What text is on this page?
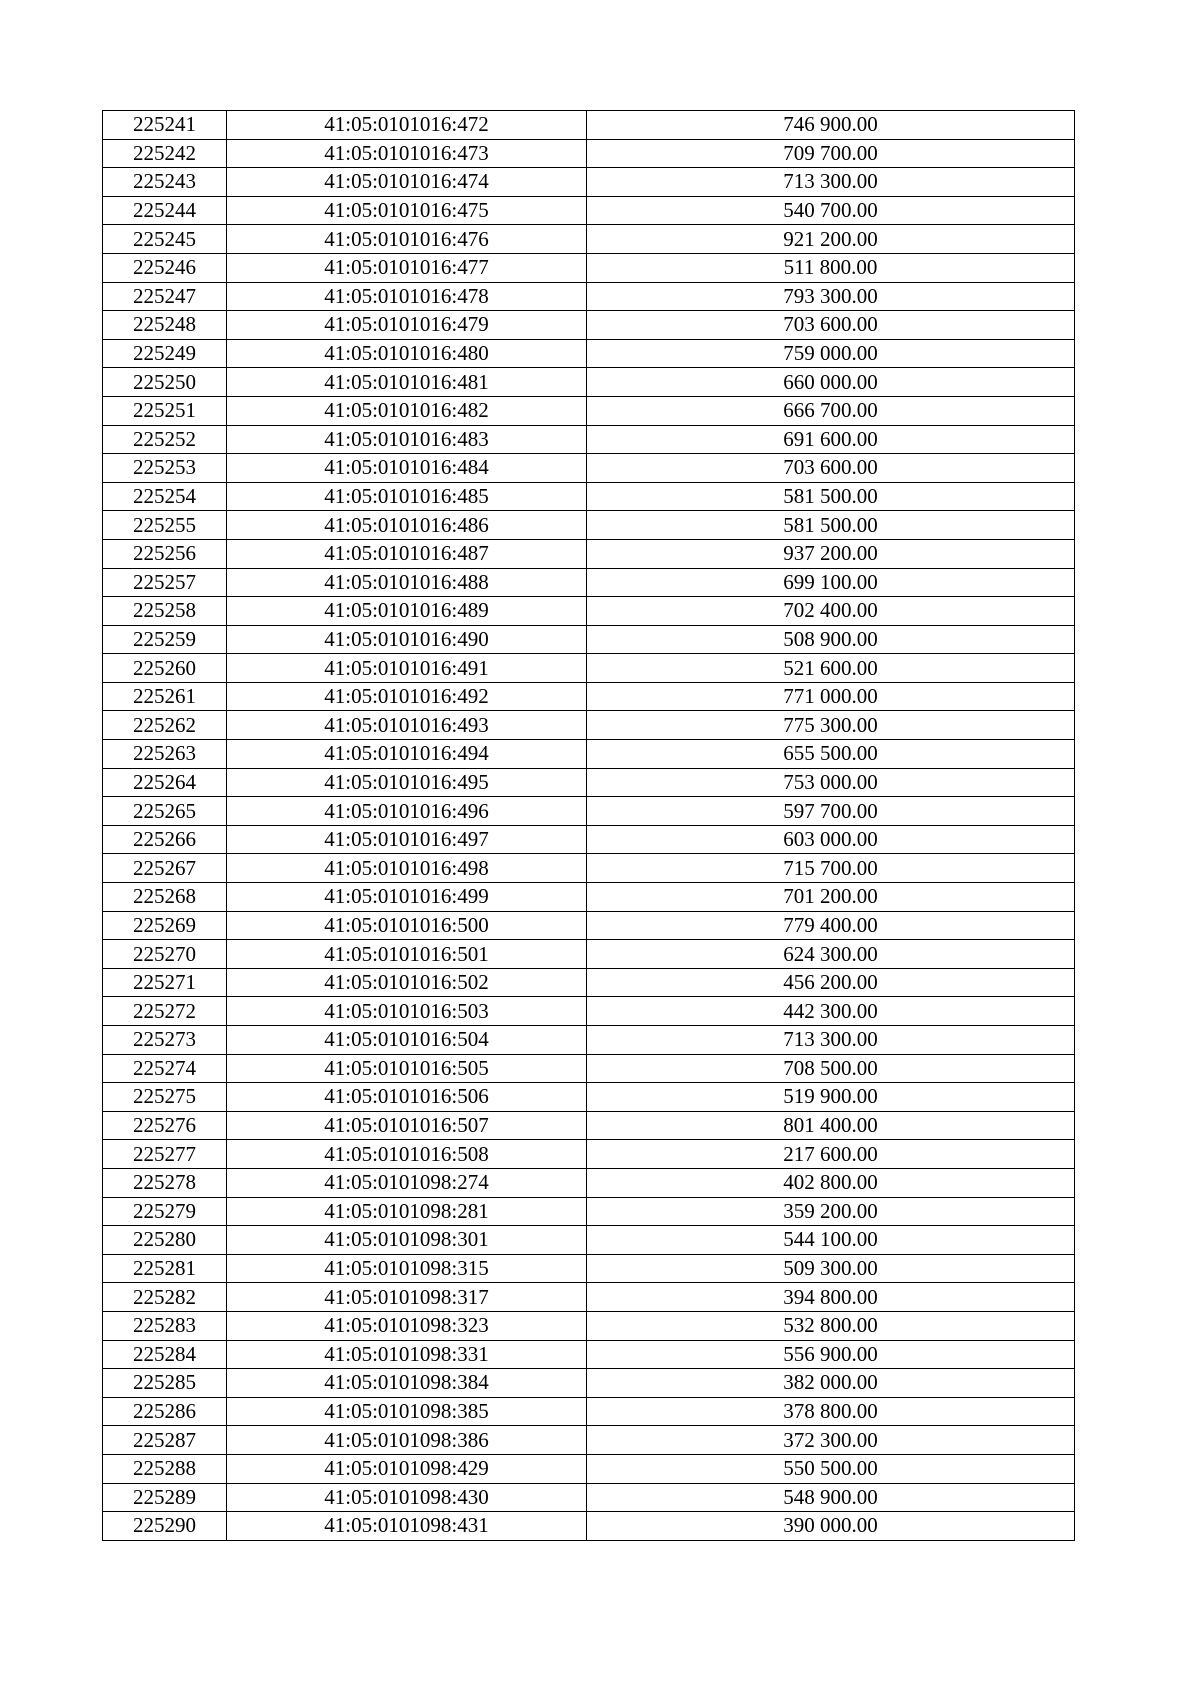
225241	41:05:0101016:472	746 900.00
225242	41:05:0101016:473	709 700.00
225243	41:05:0101016:474	713 300.00
225244	41:05:0101016:475	540 700.00
225245	41:05:0101016:476	921 200.00
225246	41:05:0101016:477	511 800.00
225247	41:05:0101016:478	793 300.00
225248	41:05:0101016:479	703 600.00
225249	41:05:0101016:480	759 000.00
225250	41:05:0101016:481	660 000.00
225251	41:05:0101016:482	666 700.00
225252	41:05:0101016:483	691 600.00
225253	41:05:0101016:484	703 600.00
225254	41:05:0101016:485	581 500.00
225255	41:05:0101016:486	581 500.00
225256	41:05:0101016:487	937 200.00
225257	41:05:0101016:488	699 100.00
225258	41:05:0101016:489	702 400.00
225259	41:05:0101016:490	508 900.00
225260	41:05:0101016:491	521 600.00
225261	41:05:0101016:492	771 000.00
225262	41:05:0101016:493	775 300.00
225263	41:05:0101016:494	655 500.00
225264	41:05:0101016:495	753 000.00
225265	41:05:0101016:496	597 700.00
225266	41:05:0101016:497	603 000.00
225267	41:05:0101016:498	715 700.00
225268	41:05:0101016:499	701 200.00
225269	41:05:0101016:500	779 400.00
225270	41:05:0101016:501	624 300.00
225271	41:05:0101016:502	456 200.00
225272	41:05:0101016:503	442 300.00
225273	41:05:0101016:504	713 300.00
225274	41:05:0101016:505	708 500.00
225275	41:05:0101016:506	519 900.00
225276	41:05:0101016:507	801 400.00
225277	41:05:0101016:508	217 600.00
225278	41:05:0101098:274	402 800.00
225279	41:05:0101098:281	359 200.00
225280	41:05:0101098:301	544 100.00
225281	41:05:0101098:315	509 300.00
225282	41:05:0101098:317	394 800.00
225283	41:05:0101098:323	532 800.00
225284	41:05:0101098:331	556 900.00
225285	41:05:0101098:384	382 000.00
225286	41:05:0101098:385	378 800.00
225287	41:05:0101098:386	372 300.00
225288	41:05:0101098:429	550 500.00
225289	41:05:0101098:430	548 900.00
225290	41:05:0101098:431	390 000.00
